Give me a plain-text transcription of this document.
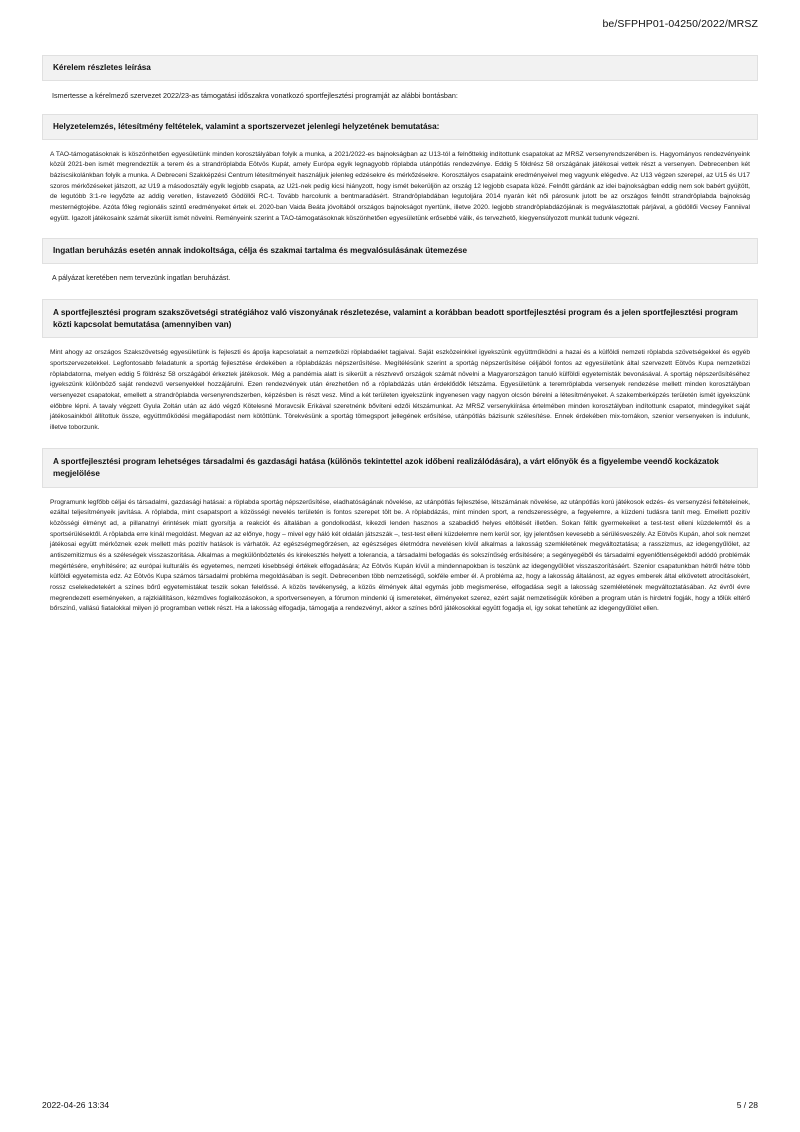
be/SFPHP01-04250/2022/MRSZ
Kérelem részletes leírása
Ismertesse a kérelmező szervezet 2022/23-as támogatási időszakra vonatkozó sportfejlesztési programját az alábbi bontásban:
Helyzetelemzés, létesítmény feltételek, valamint a sportszervezet jelenlegi helyzetének bemutatása:

A TAO-támogatásoknak is köszönhetően egyesületünk minden korosztályában folyik a munka, a 2021/2022-es bajnokságban az U13-tól a felnőttekig indítottunk csapatokat az MRSZ versenyrendszerében is. Hagyományos rendezvényeink közül 2021-ben ismét megrendeztük a terem és a strandröplabda Eötvös Kupát, amely Európa egyik legnagyobb röplabda utánpótlás rendezvénye. Eddig 5 földrész 58 országának játékosai vettek részt a versenyen. Debrecenben két báziscsikolánkban folyik a munka. A Debreceni Szakképzési Centrum létesítményeit használjuk jelenleg edzésekre és mérkőzésekre. Korosztályos csapataink eredményeivel meg vagyunk elégedve. Az U13 végzen szerepel, az U15 és U17 szoros mérkőzéseket játszott, az U19 a másodosztály egyik legjobb csapata, az U21-nek pedig kicsi hiányzott, hogy ismét bekerüljön az ország 12 legjobb csapata közé. Felnőtt gárdánk az idei bajnokságban eddig nem sok babért gyújtött, de legutóbb 3:1-re legyőzte az addig veretlen, listavezető Gödöllői RC-t. Tovább harcolunk a bentmaradásért. Strandröplabdában legutoljára 2014 nyarán két női párosunk jutott be az országos felnőtt strandröplabda bajnokság mesternégtojébe. Azóta főleg regionális szintű eredményeket értek el. 2020-ban Vaida Beáta jóvoltából országos bajnokságot nyertünk, illetve 2020. legjobb strandröplabdázójának is megválasztottak párjával, a gödöllői Vecsey Fanniival együtt. Igazolt játékosaink számát sikerült ismét növelni. Reményeink szerint a TAO-támogatásoknak köszönhetően egyesületünk erősebbé válik, és tervezhető, kiegyensúlyozott munkát tudunk végezni.

Ingatlan beruházás esetén annak indokoltsága, célja és szakmai tartalma és megvalósulásának ütemezése
A pályázat keretében nem tervezünk ingatlan beruházást.
A sportfejlesztési program szakszövetségi stratégiához való viszonyának részletezése, valamint a korábban beadott sportfejlesztési program és a jelen sportfejlesztési program közti kapcsolat bemutatása (amennyiben van)

Mint ahogy az országos Szakszövetség egyesületünk is fejleszti és ápolja kapcsolatait a nemzetközi röplabdaélet tagjaival. Saját eszközeinkkel igyekszünk együttműködni a hazai és a külföldi nemzeti röplabda szövetségekkel és egyéb sportszervezetekkel. Legfontosabb feladatunk a sportág fejlesztése érdekében a röplabdázás népszerűsítése. Megítélésünk szerint a sportág népszerűsítése céljából fontos az egyesületünk által szervezett Eötvös Kupa nemzetközi röplabdatorna, melyen eddig 5 földrész 58 országából érkeztek játékosok. Még a pandémia alatt is sikerült a résztvevő országok számát növelni a Magyarországon tanuló külföldi egyetemisták bevonásával. A sportág népszerűsítéséhez igyekszünk különböző saját rendezvű versenyekkel hozzájárulni. Ezen rendezvények után érezhetően nő a röplabdázás után érdeklődők létszáma. Egyesületünk a teremröplabda versenyek rendezése mellett minden korosztályban versenyezet csapatokat, emellett a strandröplabda versenyrendszerben, képzésben is részt vesz. Mind a két területen igyekszünk ingyenesen vagy nagyon olcsón bérelni a létesítményeket. A szakemberképzés területén ismét igyekszünk előbbre lépni. A tavaly végzett Gyula Zoltán után az ádó végző Kötelesné Moravcsik Erikával szeretnénk bővíteni edzői létszámunkat. Az MRSZ versenykiírása értelmében minden korosztályban indítottunk csapatot, mindegyiket saját játékosainkból állítottuk össze, egyúttműködési megállapodást nem kötöttünk. Törekvésünk a sportág tömegsport jellegének erősítése, utánpótlás bázisunk szélesítése. Ennek érdekében mix-tornákon, szenior versenyeken is indulunk, illetve toborzunk.

A sportfejlesztési program lehetséges társadalmi és gazdasági hatása (különös tekintettel azok időbeni realizálódására), a várt előnyök és a figyelembe veendő kockázatok megjelölése

Programunk legfőbb céljai és társadalmi, gazdasági hatásai: a röplabda sportág népszerűsítése, eladhatóságának növelése, az utánpótlás fejlesztése, létszámának növelése, az utánpótlás korú játékosok edzés- és versenyzési feltételeinek, ezáltal teljesítményeik javítása. A röplabda, mint csapatsport a közösségi nevelés területén is fontos szerepet tölt be. A röplabdázás, mint minden sport, a rendszerességre, a fegyelemre, a küzdeni tudásra tanít meg. Emellett pozitív közösségi élményt ad, a pillanatnyi érintések miatt gyorsítja a reakciót és általában a gondolkodást, kikezdi lenden hasznos a szabadidő helyes eltöltését illetően. Sokan féltik gyermekeiket a test-test elleni küzdelemtől és a sportsérülésektől. A röplabda erre kínál megoldást. Megvan az az előnye, hogy – mivel egy háló két oldalán játszszák –, test-test elleni küzdelemre nem kerül sor, így jelentősen kevesebb a sérülésveszély. Az Eötvös Kupán, ahol sok nemzet játékosai együtt mérköznek ezek mellett más pozitív hatások is várhatók. Az egészségmegőrzésen, az egészséges életmódra nevelésen kívül alkalmas a lakosság szemléletének megváltoztatása; a rasszizmus, az idegengyűlölet, az antiszemitizmus és a széleségek visszaszorítása. Alkalmas a megkülönböztetés és kirekesztés helyett a tolerancia, a társadalmi befogadás és sokszínűség erősítésére; a segényegéből és társadalmi egyenlőtlenségekből adódó problémák megértésére, enyhítésére; az európai kulturális és egyetemes, nemzeti kisebbségi értékek elfogadására; Az Eötvös Kupán kívül a mindennapokban is teszünk az idegengyűlölet visszaszorításáért. Szenior csapatunkban hétről hétre több külföldi egyetemista edz. Az Eötvös Kupa számos társadalmi probléma megoldásában is segít. Debrecenben több nemzetiségű, sokféle ember él. A probléma az, hogy a lakosság általánost, az egyes emberek által elkövetett atrocitásokért, rossz cselekedetekért a színes bőrű egyetemistákat teszik sokan felelőssé. A közös tevékenység, a közös élmények által egymás jobb megismerése, elfogadása segít a lakosság szemléletének megváltoztatásában. Az évről évre megrendezett eseményeken, a rajzkiállításon, kézműves foglalkozásokon, a sportverseneyen, a fórumon mindenki új ismereteket, élményeket szerez, ezért saját nemzetiségük körében a program után is hirdetni fogják, hogy a tőlük eltérő bőrszínű, vallású fiatalokkal milyen jó programban vettek részt. Ha a lakosság elfogadja, támogatja a rendezvényt, akkor a színes bőrű játékosokkal együtt fogadja el, így sokat tehetünk az idegengyűlölet ellen.

2022-04-26 13:34	5 / 28
